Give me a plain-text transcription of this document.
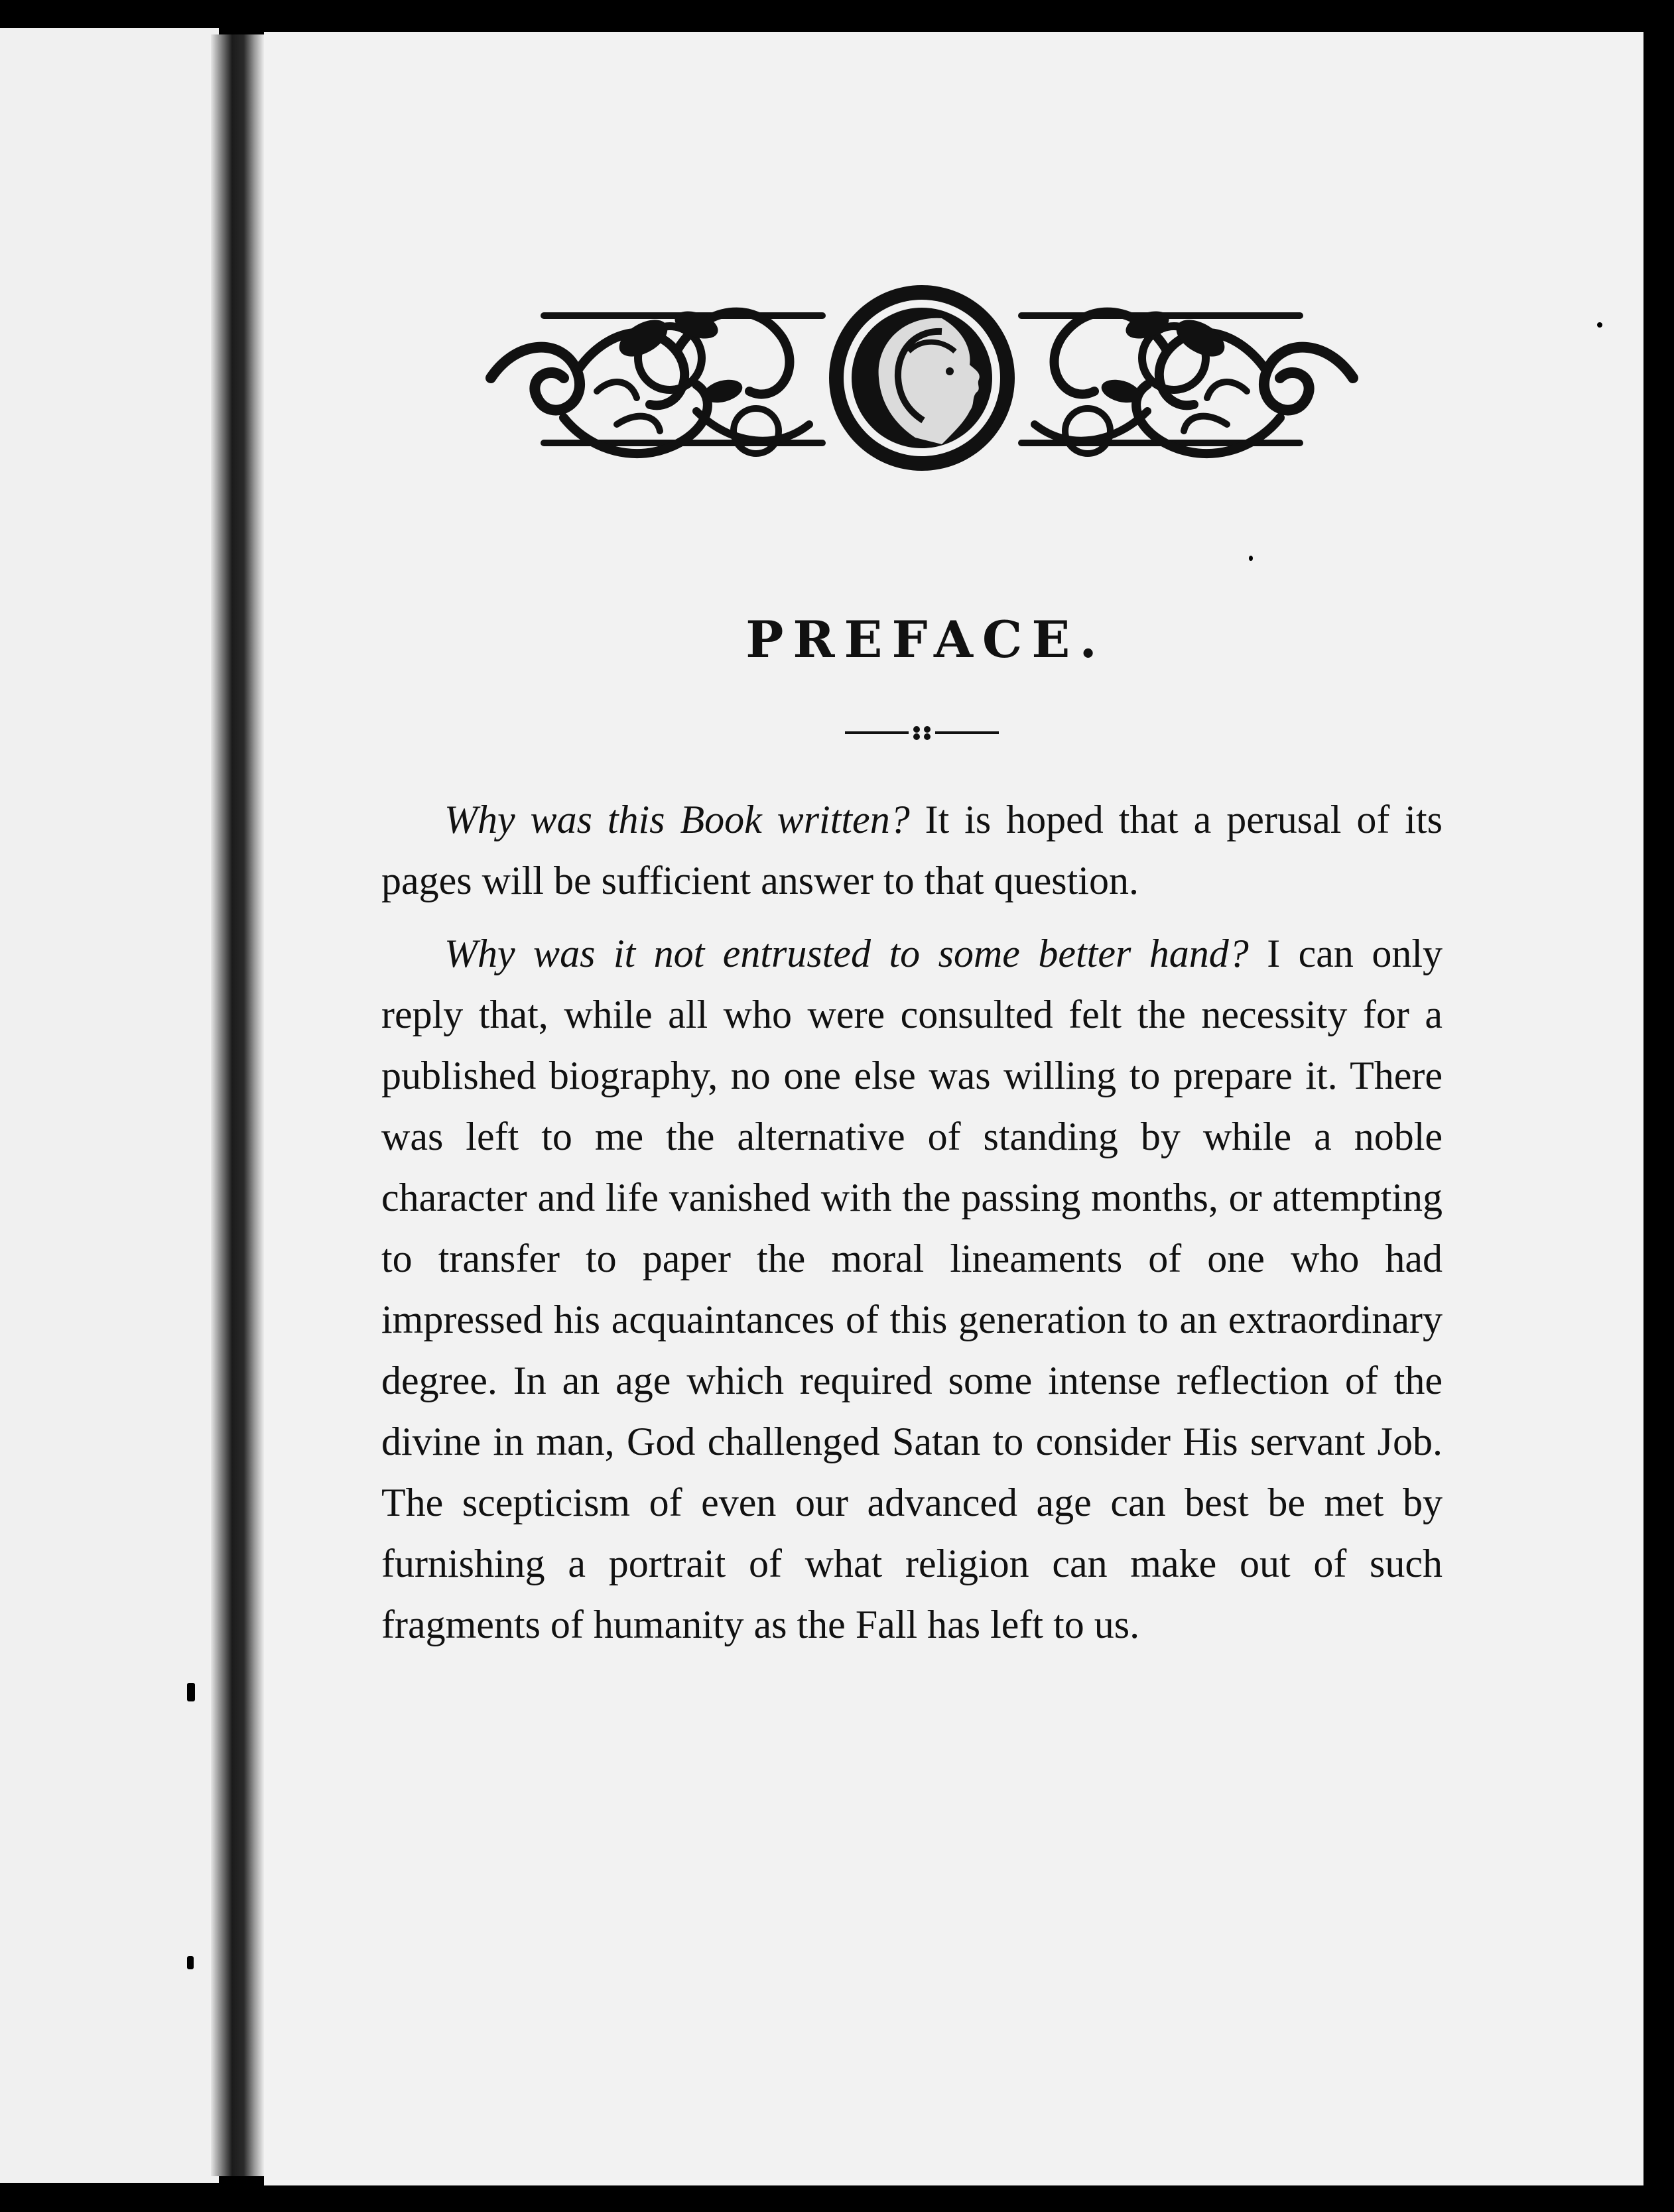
PREFACE.

Why was this Book written? It is hoped that a perusal of its pages will be sufficient answer to that question.

Why was it not entrusted to some better hand? I can only reply that, while all who were consulted felt the necessity for a published biography, no one else was willing to prepare it. There was left to me the alternative of standing by while a noble character and life vanished with the passing months, or attempting to transfer to paper the moral lineaments of one who had impressed his acquaintances of this generation to an extraordinary degree. In an age which required some intense reflection of the divine in man, God challenged Satan to consider His servant Job. The scepticism of even our advanced age can best be met by furnishing a portrait of what religion can make out of such fragments of humanity as the Fall has left to us.
